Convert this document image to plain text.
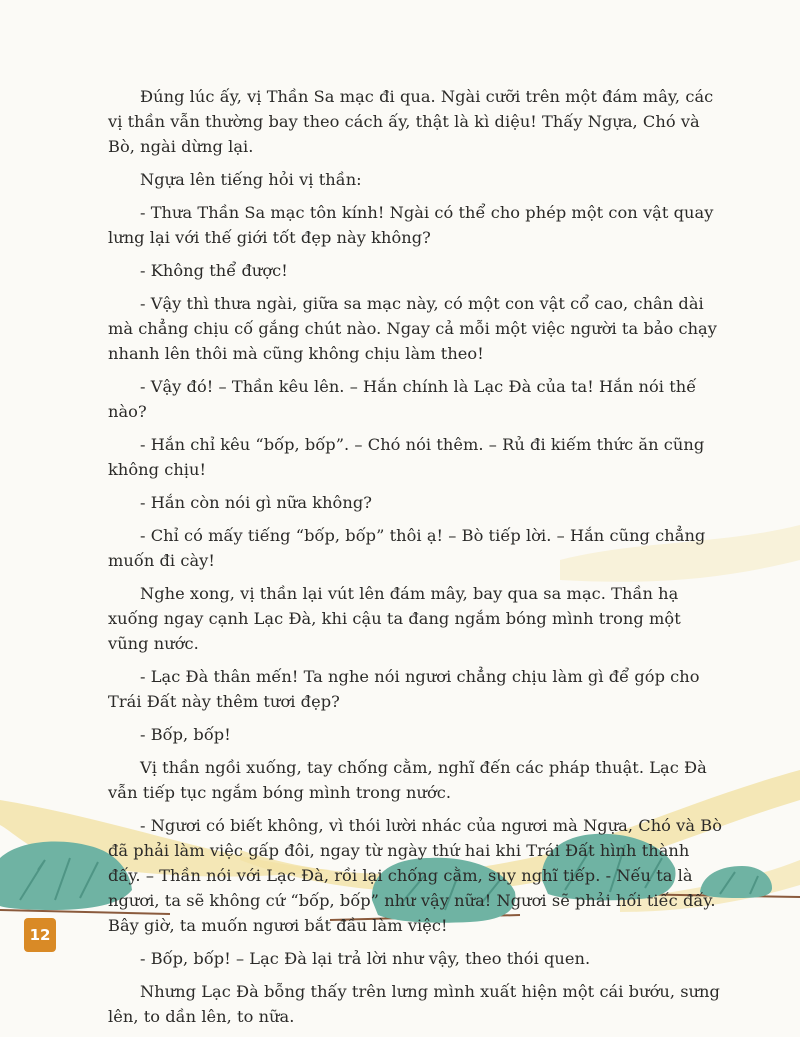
Đúng lúc ấy, vị Thần Sa mạc đi qua. Ngài cưỡi trên một đám mây, các vị thần vẫn thường bay theo cách ấy, thật là kì diệu! Thấy Ngựa, Chó và Bò, ngài dừng lại.

Ngựa lên tiếng hỏi vị thần:

- Thưa Thần Sa mạc tôn kính! Ngài có thể cho phép một con vật quay lưng lại với thế giới tốt đẹp này không?

- Không thể được!

- Vậy thì thưa ngài, giữa sa mạc này, có một con vật cổ cao, chân dài mà chẳng chịu cố gắng chút nào. Ngay cả mỗi một việc người ta bảo chạy nhanh lên thôi mà cũng không chịu làm theo!

- Vậy đó! – Thần kêu lên. – Hắn chính là Lạc Đà của ta! Hắn nói thế nào?

- Hắn chỉ kêu “bốp, bốp”. – Chó nói thêm. – Rủ đi kiếm thức ăn cũng không chịu!

- Hắn còn nói gì nữa không?

- Chỉ có mấy tiếng “bốp, bốp” thôi ạ! – Bò tiếp lời. – Hắn cũng chẳng muốn đi cày!

Nghe xong, vị thần lại vút lên đám mây, bay qua sa mạc. Thần hạ xuống ngay cạnh Lạc Đà, khi cậu ta đang ngắm bóng mình trong một vũng nước.

- Lạc Đà thân mến! Ta nghe nói ngươi chẳng chịu làm gì để góp cho Trái Đất này thêm tươi đẹp?

- Bốp, bốp!

Vị thần ngồi xuống, tay chống cằm, nghĩ đến các pháp thuật. Lạc Đà vẫn tiếp tục ngắm bóng mình trong nước.

- Ngươi có biết không, vì thói lười nhác của ngươi mà Ngựa, Chó và Bò đã phải làm việc gấp đôi, ngay từ ngày thứ hai khi Trái Đất hình thành đấy. – Thần nói với Lạc Đà, rồi lại chống cằm, suy nghĩ tiếp. - Nếu ta là ngươi, ta sẽ không cứ “bốp, bốp” như vậy nữa! Ngươi sẽ phải hối tiếc đấy. Bây giờ, ta muốn ngươi bắt đầu làm việc!

- Bốp, bốp! – Lạc Đà lại trả lời như vậy, theo thói quen.

Nhưng Lạc Đà bỗng thấy trên lưng mình xuất hiện một cái bướu, sưng lên, to dần lên, to nữa.

12
